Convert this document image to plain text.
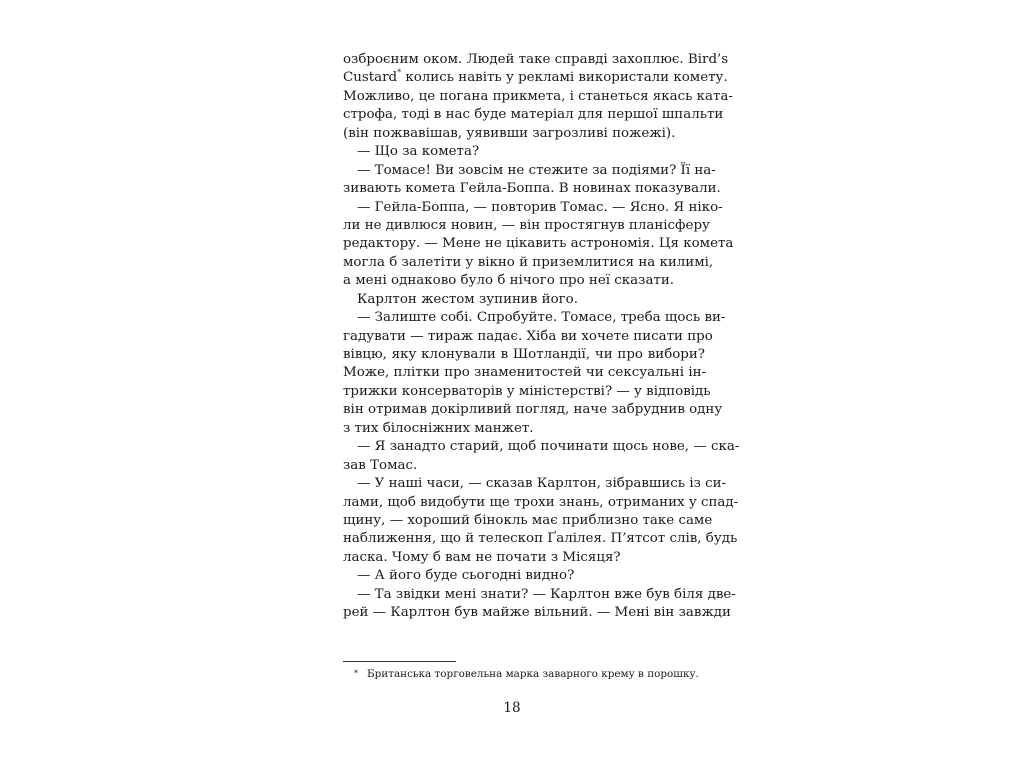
озброєним оком. Людей таке справді захоплює. Bird’s
Custard* колись навіть у рекламі використали комету.
Можливо, це погана прикмета, і станеться якась ката-
строфа, тоді в нас буде матеріал для першої шпальти
(він пожвавішав, уявивши загрозливі пожежі).
— Що за комета?
— Томасе! Ви зовсім не стежите за подіями? Її на-
зивають комета Гейла-Боппа. В новинах показували.
— Гейла-Боппа, — повторив Томас. — Ясно. Я ніко-
ли не дивлюся новин, — він простягнув планісферу
редактору. — Мене не цікавить астрономія. Ця комета
могла б залетіти у вікно й приземлитися на килимі,
а мені однаково було б нічого про неї сказати.
Карлтон жестом зупинив його.
— Залиште собі. Спробуйте. Томасе, треба щось ви-
гадувати — тираж падає. Хіба ви хочете писати про
вівцю, яку клонували в Шотландії, чи про вибори?
Може, плітки про знаменитостей чи сексуальні ін-
трижки консерваторів у міністерстві? — у відповідь
він отримав докірливий погляд, наче забруднив одну
з тих білосніжних манжет.
— Я занадто старий, щоб починати щось нове, — ска-
зав Томас.
— У наші часи, — сказав Карлтон, зібравшись із си-
лами, щоб видобути ще трохи знань, отриманих у спад-
щину, — хороший бінокль має приблизно таке саме
наближення, що й телескоп Ґалілея. П’ятсот слів, будь
ласка. Чому б вам не почати з Місяця?
— А його буде сьогодні видно?
— Та звідки мені знати? — Карлтон вже був біля две-
рей — Карлтон був майже вільний. — Мені він завжди
* Британська торговельна марка заварного крему в порошку.
18
